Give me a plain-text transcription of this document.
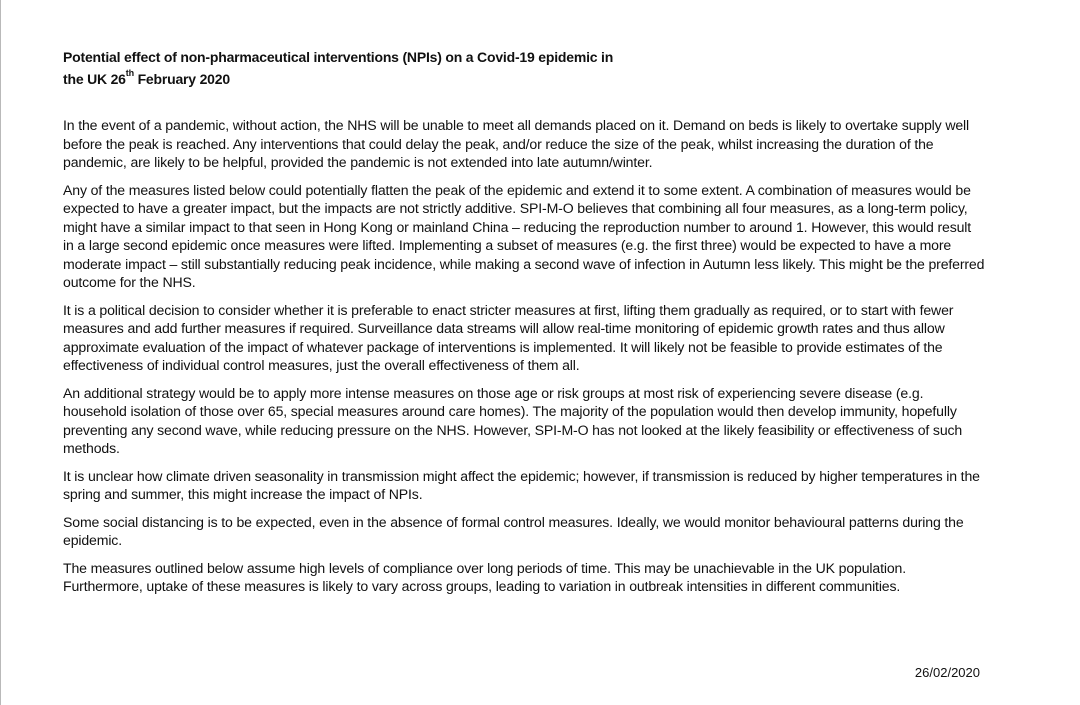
Potential effect of non-pharmaceutical interventions (NPIs) on a Covid-19 epidemic in
the UK 26th February 2020

In the event of a pandemic, without action, the NHS will be unable to meet all demands placed on it. Demand on beds is likely to overtake supply well before the peak is reached. Any interventions that could delay the peak, and/or reduce the size of the peak, whilst increasing the duration of the pandemic, are likely to be helpful, provided the pandemic is not extended into late autumn/winter.

Any of the measures listed below could potentially flatten the peak of the epidemic and extend it to some extent. A combination of measures would be expected to have a greater impact, but the impacts are not strictly additive. SPI-M-O believes that combining all four measures, as a long-term policy, might have a similar impact to that seen in Hong Kong or mainland China – reducing the reproduction number to around 1. However, this would result in a large second epidemic once measures were lifted. Implementing a subset of measures (e.g. the first three) would be expected to have a more moderate impact – still substantially reducing peak incidence, while making a second wave of infection in Autumn less likely. This might be the preferred outcome for the NHS.

It is a political decision to consider whether it is preferable to enact stricter measures at first, lifting them gradually as required, or to start with fewer measures and add further measures if required. Surveillance data streams will allow real-time monitoring of epidemic growth rates and thus allow approximate evaluation of the impact of whatever package of interventions is implemented. It will likely not be feasible to provide estimates of the effectiveness of individual control measures, just the overall effectiveness of them all.

An additional strategy would be to apply more intense measures on those age or risk groups at most risk of experiencing severe disease (e.g. household isolation of those over 65, special measures around care homes). The majority of the population would then develop immunity, hopefully preventing any second wave, while reducing pressure on the NHS. However, SPI-M-O has not looked at the likely feasibility or effectiveness of such methods.

It is unclear how climate driven seasonality in transmission might affect the epidemic; however, if transmission is reduced by higher temperatures in the spring and summer, this might increase the impact of NPIs.

Some social distancing is to be expected, even in the absence of formal control measures. Ideally, we would monitor behavioural patterns during the epidemic.

The measures outlined below assume high levels of compliance over long periods of time. This may be unachievable in the UK population. Furthermore, uptake of these measures is likely to vary across groups, leading to variation in outbreak intensities in different communities.

26/02/2020
